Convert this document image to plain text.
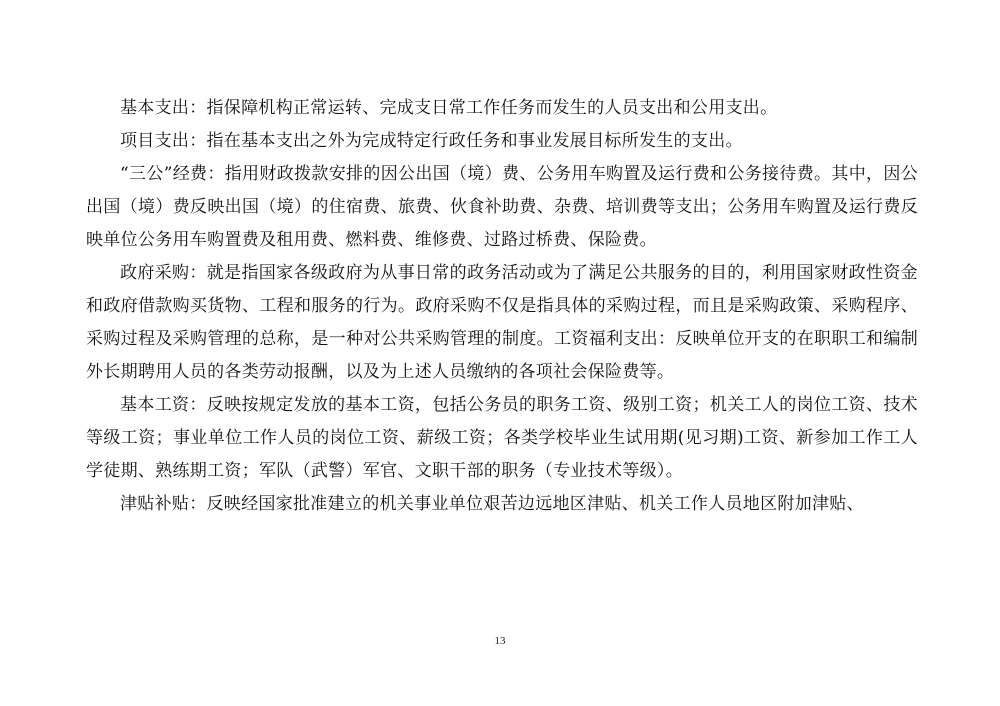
基本支出：指保障机构正常运转、完成支日常工作任务而发生的人员支出和公用支出。

项目支出：指在基本支出之外为完成特定行政任务和事业发展目标所发生的支出。

“三公”经费：指用财政拨款安排的因公出国（境）费、公务用车购置及运行费和公务接待费。其中，因公出国（境）费反映出国（境）的住宿费、旅费、伙食补助费、杂费、培训费等支出；公务用车购置及运行费反映单位公务用车购置费及租用费、燃料费、维修费、过路过桥费、保险费。

政府采购：就是指国家各级政府为从事日常的政务活动或为了满足公共服务的目的，利用国家财政性资金和政府借款购买货物、工程和服务的行为。政府采购不仅是指具体的采购过程，而且是采购政策、采购程序、采购过程及采购管理的总称，是一种对公共采购管理的制度。工资福利支出：反映单位开支的在职职工和编制外长期聘用人员的各类劳动报酬，以及为上述人员缴纳的各项社会保险费等。

基本工资：反映按规定发放的基本工资，包括公务员的职务工资、级别工资；机关工人的岗位工资、技术等级工资；事业单位工作人员的岗位工资、薪级工资；各类学校毕业生试用期(见习期)工资、新参加工作工人学徒期、熟练期工资；军队（武警）军官、文职干部的职务（专业技术等级）。

津贴补贴：反映经国家批准建立的机关事业单位艰苦边远地区津贴、机关工作人员地区附加津贴、

13
